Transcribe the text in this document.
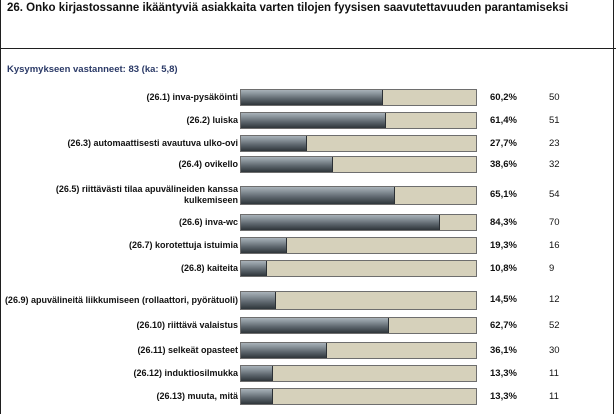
26. Onko kirjastossanne ikääntyviä asiakkaita varten tilojen fyysisen saavutettavuuden parantamiseksi
Kysymykseen vastanneet: 83 (ka: 5,8)
(26.1) inva-pysäköinti	60,2%	50
(26.2) luiska	61,4%	51
(26.3) automaattisesti avautuva ulko-ovi	27,7%	23
(26.4) ovikello	38,6%	32
(26.5) riittävästi tilaa apuvälineiden kanssa kulkemiseen	65,1%	54
(26.6) inva-wc	84,3%	70
(26.7) korotettuja istuimia	19,3%	16
(26.8) kaiteita	10,8%	9
(26.9) apuvälineitä liikkumiseen (rollaattori, pyörätuoli)	14,5%	12
(26.10) riittävä valaistus	62,7%	52
(26.11) selkeät opasteet	36,1%	30
(26.12) induktiosilmukka	13,3%	11
(26.13) muuta, mitä	13,3%	11
